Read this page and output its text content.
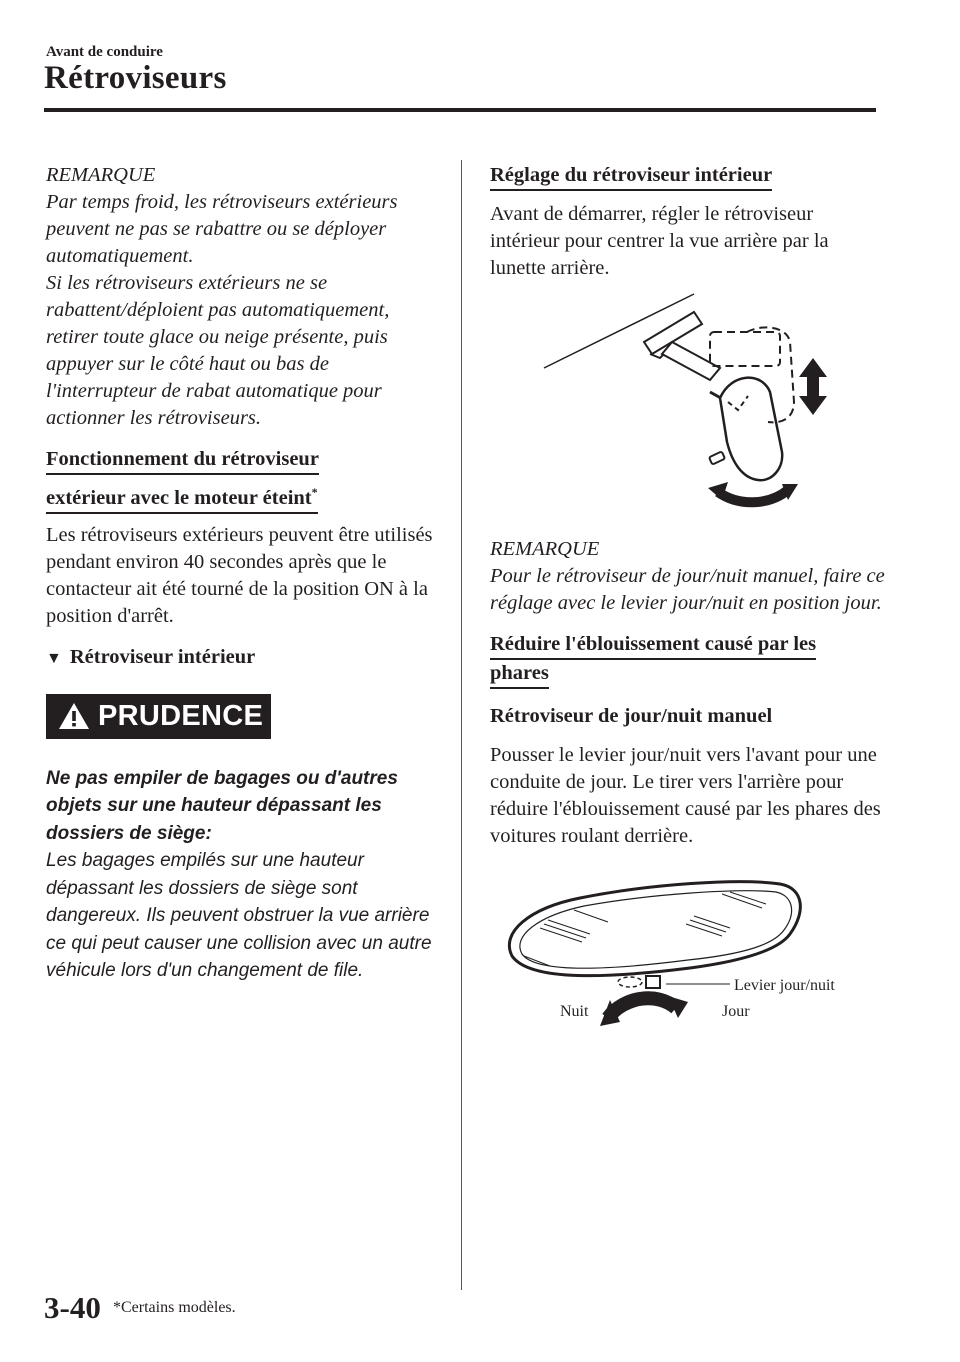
Avant de conduire
Rétroviseurs

REMARQUE

Par temps froid, les rétroviseurs extérieurs peuvent ne pas se rabattre ou se déployer automatiquement.

Si les rétroviseurs extérieurs ne se rabattent/déploient pas automatiquement, retirer toute glace ou neige présente, puis appuyer sur le côté haut ou bas de l'interrupteur de rabat automatique pour actionner les rétroviseurs.

Fonctionnement du rétroviseur
extérieur avec le moteur éteint*

Les rétroviseurs extérieurs peuvent être utilisés pendant environ 40 secondes après que le contacteur ait été tourné de la position ON à la position d'arrêt.

▼ Rétroviseur intérieur
PRUDENCE

Ne pas empiler de bagages ou d'autres objets sur une hauteur dépassant les dossiers de siège:

Les bagages empilés sur une hauteur dépassant les dossiers de siège sont dangereux. Ils peuvent obstruer la vue arrière ce qui peut causer une collision avec un autre véhicule lors d'un changement de file.

Réglage du rétroviseur intérieur

Avant de démarrer, régler le rétroviseur intérieur pour centrer la vue arrière par la lunette arrière.

REMARQUE

Pour le rétroviseur de jour/nuit manuel, faire ce réglage avec le levier jour/nuit en position jour.

Réduire l'éblouissement causé par les
phares

Rétroviseur de jour/nuit manuel

Pousser le levier jour/nuit vers l'avant pour une conduite de jour. Le tirer vers l'arrière pour réduire l'éblouissement causé par les phares des voitures roulant derrière.

Levier jour/nuit
Nuit	Jour
3-40 *Certains modèles.
